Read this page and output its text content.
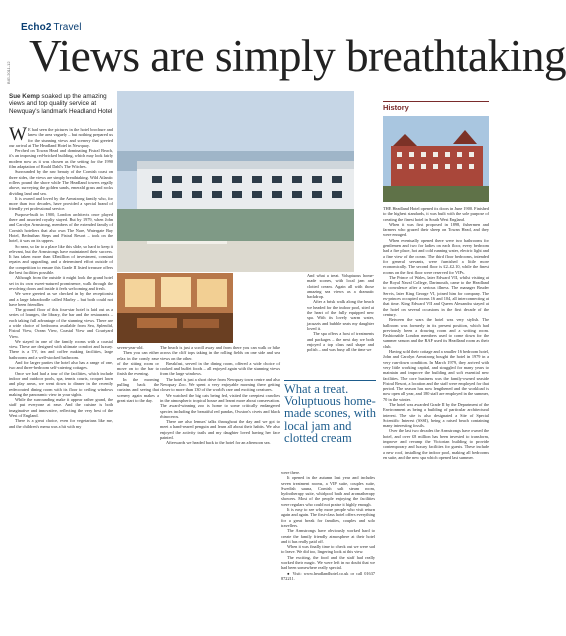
Echo2 Travel
Views are simply breathtaking
BIG-2011-12
Sue Kemp soaked up the amazing views and top quality service at Newquay's landmark Headland Hotel

W E had seen the pictures in the hotel brochure and knew the area vaguely – but nothing prepared us for the stunning views and scenery that greeted our arrival at The Headland Hotel in Newquay.

Perched on Towan Head and dominating Fistral Beach, it's an imposing red-bricked building, which may look fairly modern now as it was chosen as the setting for the 1990 film adaptation of Roald Dahl's The Witches.

Surrounded by the raw beauty of the Cornish coast on three sides, the views are simply breathtaking. Wild Atlantic rollers pound the shore while The Headland towers regally above, surveying the golden sands, emerald grass and rocks dividing land and sea.

It is owned and loved by the Armstrong family who, for more than two decades, have provided a special brand of friendly yet professional service.

Purpose-built in 1900, London architects once played there and assorted royalty stayed. But by 1979, when John and Carolyn Armstrong, members of the extended family of Cornish hoteliers that also own The Nare, Watergate Bay Hotel, Bedruthan Steps and Fistral Resort – took on the hotel, it was on its uppers.

So near, so far to a place like this slide, so hard to keep it relevant, but the Armstrongs have maintained their success. It has taken more than £Emillion of investment, constant repairs and upgrading, and a determined effort outside of the competition to ensure this Grade II listed treasure offers the best facilities possible.

Although from the outside it might look the grand hotel set in its own sweet-natured prominence, walk through the revolving doors and inside it feels welcoming and fresh.

We were greeted as we checked in by the receptionist and a large labradoodle called Marley – but both could not have been friendlier.

The ground floor of this four-star hotel is laid out as a series of lounges, the library, the bar and the restaurants – each taking full advantage of the stunning views. There are a wide choice of bedrooms available from Sea, Splendid, Fistral View, Ocean View, Coastal View and Courtyard View.

We stayed in one of the family rooms with a coastal view. These are designed with ultimate comfort and luxury. There is a TV, tea and coffee making facilities, large bathrooms and a well-stocked bathroom.

And for larger parties the hotel also has a range of one, two and three-bedroom self-catering cottages.

Once we had had a tour of the facilities, which include indoor and outdoor pools, spa, tennis courts, croquet lawn and play areas, we went down to dinner in the recently redecorated dining room with its floor to ceiling windows making the panoramic view in your sights.

While the surrounding make it appear rather grand, the staff put everyone at ease. And the cuisine is both imaginative and innovative, reflecting the very best of the West of England.

There is a great choice, even for vegetarians like me, and the children's menu was a hit with my

seven-year-old.

Then you can either relax in the comfy ease of the sitting room or move on to the bar to finish the evening.

In the morning pulling back the curtains and seeing that scenery again makes a great start to the day.

The beach is just a scroll away and from there you can walk or hike across the cliff tops taking in the rolling fields on one side and sea views on the other.

Breakfast, served in the dining room, offered a wide choice of cooked and buffet foods – all enjoyed again with the stunning views from the large windows.

The hotel is just a short drive from Newquay town centre and also Newquay Zoo. We spent a very enjoyable morning there getting closer to more than 130 of the world's rare and exciting creatures.

We watched the big cats being fed, visited the creepiest crawlies in the atmospheric tropical house and learnt more about conservation. The award-winning zoo is home to some critically endangered species including the beautiful red pandas, Owston's civets and black rhinoceros.

There are also lemurs' talks throughout the day and we got to meet a hand-reared penguin and learn all about their habits. We also enjoyed the activity trails and my daughter loved having her face painted.

Afterwards we headed back to the hotel for an afternoon sea.

And what a treat. Voluptuous home-made scones, with local jam and clotted cream. Again all with those amazing sea views as a dramatic backdrop.

After a brisk walk along the beach we headed for the indoor pool, sited at the heart of the fully equipped new spa. With its lovely warm water, jacuzzis and bubble seats my daughter loved it.

The spa offers a host of treatments and packages – the next day we both enjoyed a top class nail shape and polish – and was busy all the time we

What a treat. Voluptuous home-made scones, with local jam and clotted cream

were there.

It opened in the autumn last year and includes seven treatment rooms, a VIP suite, couples suite, Swedish sauna, Cornish salt steam room, hydrotherapy suite, whirlpool bath and aromatherapy showers. Most of the people enjoying the facilities were regulars who could not praise it highly enough.

It is easy to see why more people who visit return again and again. The first-class hotel offers everything for a great break for families, couples and solo travellers.

The Armstrongs have obviously worked hard to create the family friendly atmosphere at their hotel and it has really paid off.

When it was finally time to check out we were sad to leave. We did too, lingering look at this view.

The exciting, the food and the staff had really worked their magic. We were left in no doubt that we had been somewhere really special.

● Visit: www.headlandhotel.co.uk or call 01637 872211.

History

THE Headland Hotel opened its doors in June 1900. Finished to the highest standards, it was built with the sole purpose of creating the finest hotel in South West England.

When it was first proposed in 1898, fishermen and farmers who grazed their sheep on Towan Head, and they were enraged.

When eventually opened there were two bathrooms for gentlemen and two for ladies on each floor, every bedroom had a fire place, hot and cold running water, electric light and a fine view of the ocean. The third floor bedrooms, intended for general servants, were furnished a little more economically. The second floor is £2–£2.10, while the finest rooms on the first floor were reserved for VIPs.

The Prince of Wales, later Edward VII, whilst visiting at the Royal Naval College, Dartmouth, came to the Headland to convalesce after a serious illness. The manager Bruder Servis, later King George VI, joined him for company. The ex-princes occupied rooms 16 and 104, all interconnecting at that time. King Edward VII and Queen Alexandra stayed at the hotel on several occasions in the first decade of the century.

Between the wars the hotel was very stylish. The ballroom was formerly in its present position, which had previously been a drawing room and a writing room. Fashionable London members used to come down for the summer season and the RAF used its Headland room as their club.

Having sold their cottage and a smaller 16 bedroom hotel, John and Carolyn Armstrong bought the hotel in 1979 in a very run-down condition. In March 1979, they arrived with very little working capital, and struggled for many years to maintain and improve the building and soft essential new facilities. The core business was the family-owned seaside Fistral Resort, a location and the staff were employed for that period. The season has now lengthened and the workload is now open all year, and 180 staff are employed in the summer, 70 in the winter.

The hotel was awarded Grade II by the Department of the Environment as being a building of particular architectural interest. The site is also designated a Site of Special Scientific Interest (SSSI), being a raised beach containing many interesting fossils.

Over the last two decades the Armstrongs have owned the hotel, and over £8 million has been invested to transform, improve and revamp the Victorian building to provide contemporary and luxury facilities for guests. These include a new roof, installing the indoor pool, making all bedrooms en suite, and the new spa which opened last summer.
